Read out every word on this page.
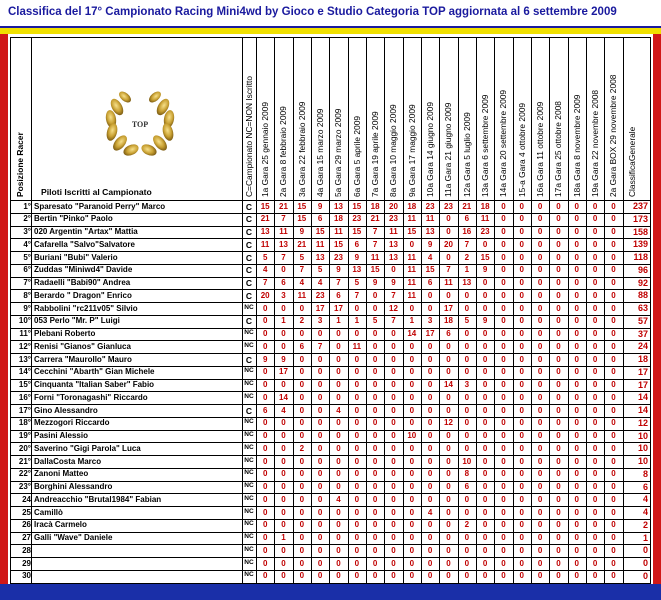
Classifica del 17° Campionato Racing Mini4wd by Gioco e Studio Categoria TOP aggiornata al 6 settembre 2009
TOP
Piloti Iscritti al Campionato
Posizione Racer	C=Campionato NC=NON Iscritto 1a Gara 25 gennaio 2009 2a Gara 8 febbraio 2009 3a Gara 22 febbraio 2009 4a Gara 15 marzo 2009 5a Gara 29 marzo 2009 6a Gara 5 aprile 2009 7a Gara 19 aprile 2009 8a Gara 10 maggio 2009 9a Gara 17 maggio 2009 10a Gara 14 giugno 2009 11a Gara 21 giugno 2009 12a Gara 5 luglio 2009 13a Gara 6 settembre 2009 14a Gara 20 settembre 2009 15-a Gara 4 ottobre 2009 16a Gara 11 ottobre 2009 17a Gara 25 ottobre 2008 18a Gara 8 novembre 2009 19a Gara 22 novembre 2008 2a Gara BOX 29 novembre 2008 ClassificaGenerale
1° Sparesato "Paranoid Perry" Marco	C	15	21	15	9	13	15	18	20	18	23	23	21	18	0	0	0	0	0	0	0	237
2° Bertin "Pinko" Paolo	C	21	7	15	6	18	23	21	23	11	11	0	6	11	0	0	0	0	0	0	0	173
3° 020 Argentin "Artax" Mattia	C	13	11	9	15	11	15	7	11	15	13	0	16	23	0	0	0	0	0	0	0	158
4° Cafarella "Salvo"Salvatore	C	11	13	21	11	15	6	7	13	0	9	20	7	0	0	0	0	0	0	0	0	139
5° Buriani "Bubi" Valerio	C	5	7	5	13	23	9	11	13	11	4	0	2	15	0	0	0	0	0	0	0	118
6° Zuddas "Miniwd4" Davide	C	4	0	7	5	9	13	15	0	11	15	7	1	9	0	0	0	0	0	0	0	96
7° Radaelli "Babi90" Andrea	C	7	6	4	4	7	5	9	9	11	6	11	13	0	0	0	0	0	0	0	0	92
8° Berardo " Dragon" Enrico	C	20	3	11	23	6	7	0	7	11	0	0	0	0	0	0	0	0	0	0	0	88
9° Rabbolini "rc211v05" Silvio	NC	0	0	0	17	17	0	0	12	0	0	17	0	0	0	0	0	0	0	0	0	63
10° 053 Perlo "Mr. P" Luigi	C	0	1	2	3	1	1	5	7	1	3	18	5	9	0	0	0	0	0	0	0	57
11° Plebani Roberto	NC	0	0	0	0	0	0	0	0	14	17	6	0	0	0	0	0	0	0	0	0	37
12° Renisi "Gianos" Gianluca	NC	0	0	6	7	0	11	0	0	0	0	0	0	0	0	0	0	0	0	0	0	24
13° Carrera "Maurollo" Mauro	C	9	9	0	0	0	0	0	0	0	0	0	0	0	0	0	0	0	0	0	0	18
14° Cecchini "Abarth" Gian Michele	NC	0	17	0	0	0	0	0	0	0	0	0	0	0	0	0	0	0	0	0	0	17
15° Cinquanta "Italian Saber" Fabio	NC	0	0	0	0	0	0	0	0	0	0	14	3	0	0	0	0	0	0	0	0	17
16° Forni "Toronagashi" Riccardo	NC	0	14	0	0	0	0	0	0	0	0	0	0	0	0	0	0	0	0	0	0	14
17° Gino Alessandro	C	6	4	0	0	4	0	0	0	0	0	0	0	0	0	0	0	0	0	0	0	14
18° Mezzogori Riccardo	NC	0	0	0	0	0	0	0	0	0	0	12	0	0	0	0	0	0	0	0	0	12
19° Pasini Alessio	NC	0	0	0	0	0	0	0	0	10	0	0	0	0	0	0	0	0	0	0	0	10
20° Saverino "Gigi Parola" Luca	NC	0	0	2	0	0	0	0	0	0	0	0	0	0	0	0	0	0	0	0	0	10
21° DallaCosta Marco	NC	0	0	0	0	0	0	0	0	0	0	0	10	0	0	0	0	0	0	0	0	10
22° Zanoni Matteo	NC	0	0	0	0	0	0	0	0	0	0	0	8	0	0	0	0	0	0	0	0	8
23° Borghini Alessandro	NC	0	0	0	0	0	0	0	0	0	0	0	6	0	0	0	0	0	0	0	0	6
24 Andreacchio "Brutal1984" Fabian	NC	0	0	0	0	4	0	0	0	0	0	0	0	0	0	0	0	0	0	0	0	4
25 Camillò	NC	0	0	0	0	0	0	0	0	0	4	0	0	0	0	0	0	0	0	0	0	4
26 Iracà Carmelo	NC	0	0	0	0	0	0	0	0	0	0	0	2	0	0	0	0	0	0	0	0	2
27 Galli "Wave" Daniele	NC	0	1	0	0	0	0	0	0	0	0	0	0	0	0	0	0	0	0	0	0	1
28	NC	0	0	0	0	0	0	0	0	0	0	0	0	0	0	0	0	0	0	0	0	0
29	NC	0	0	0	0	0	0	0	0	0	0	0	0	0	0	0	0	0	0	0	0	0
30	NC	0	0	0	0	0	0	0	0	0	0	0	0	0	0	0	0	0	0	0	0	0
